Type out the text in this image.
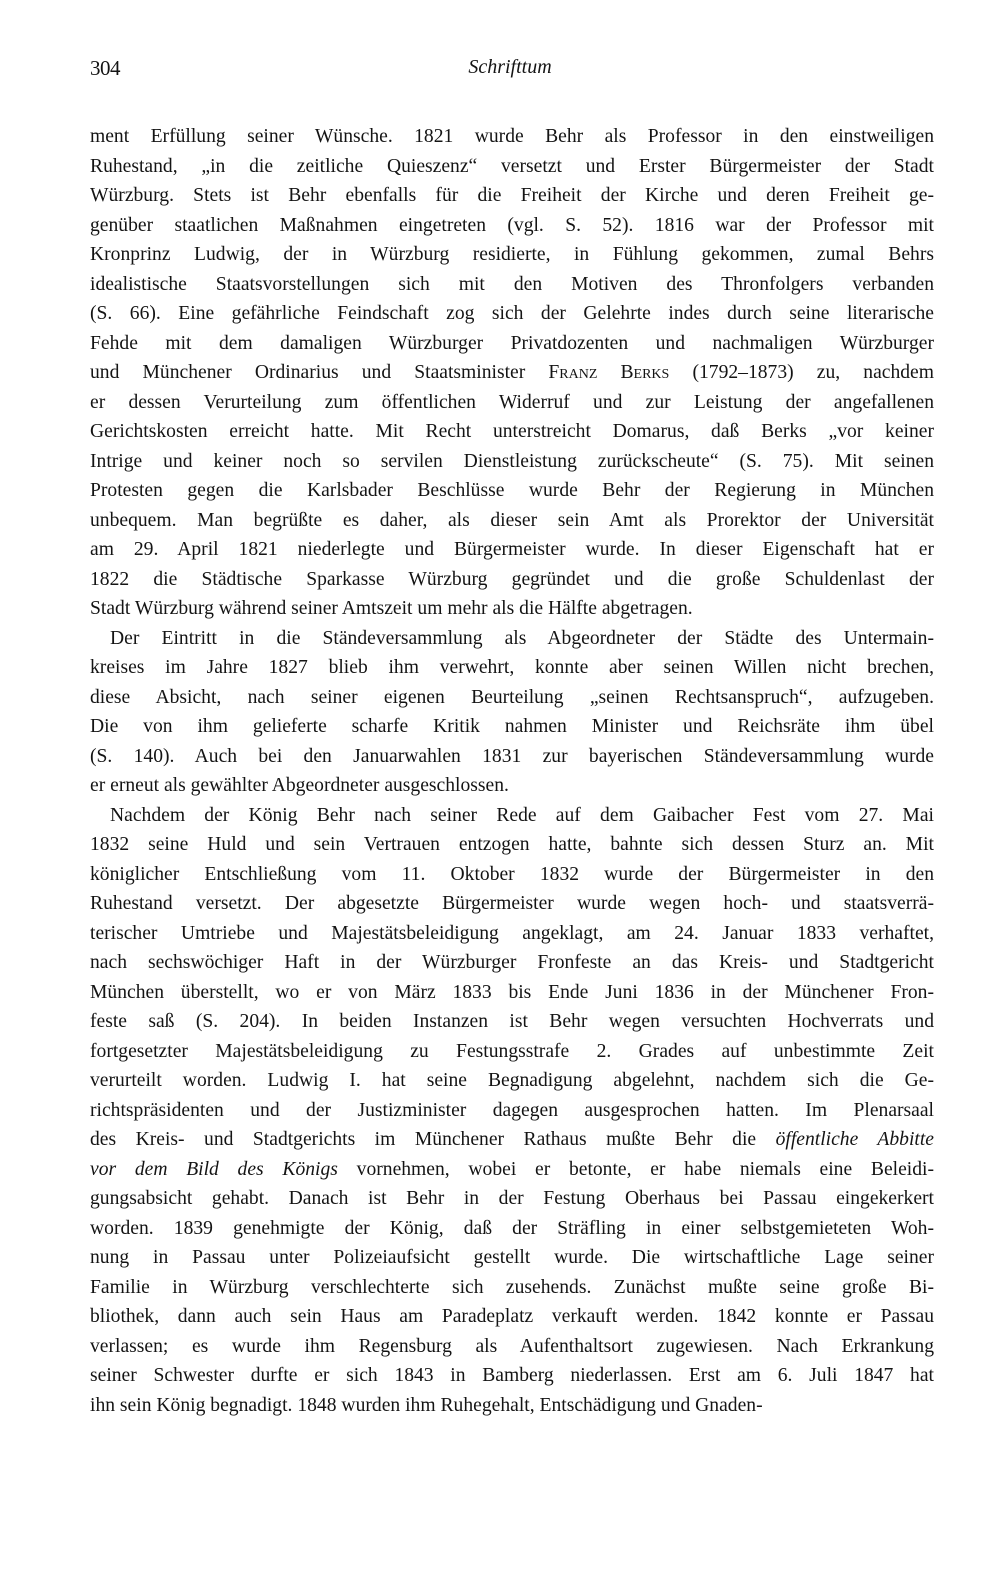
304	Schrifttum
ment Erfüllung seiner Wünsche. 1821 wurde Behr als Professor in den einstweiligen
Ruhestand, „in die zeitliche Quieszenz“ versetzt und Erster Bürgermeister der Stadt
Würzburg. Stets ist Behr ebenfalls für die Freiheit der Kirche und deren Freiheit ge-
genüber staatlichen Maßnahmen eingetreten (vgl. S. 52). 1816 war der Professor mit
Kronprinz Ludwig, der in Würzburg residierte, in Fühlung gekommen, zumal Behrs
idealistische Staatsvorstellungen sich mit den Motiven des Thronfolgers verbanden
(S. 66). Eine gefährliche Feindschaft zog sich der Gelehrte indes durch seine literarische
Fehde mit dem damaligen Würzburger Privatdozenten und nachmaligen Würzburger
und Münchener Ordinarius und Staatsminister Franz Berks (1792–1873) zu, nachdem
er dessen Verurteilung zum öffentlichen Widerruf und zur Leistung der angefallenen
Gerichtskosten erreicht hatte. Mit Recht unterstreicht Domarus, daß Berks „vor keiner
Intrige und keiner noch so servilen Dienstleistung zurückscheute“ (S. 75). Mit seinen
Protesten gegen die Karlsbader Beschlüsse wurde Behr der Regierung in München
unbequem. Man begrüßte es daher, als dieser sein Amt als Prorektor der Universität
am 29. April 1821 niederlegte und Bürgermeister wurde. In dieser Eigenschaft hat er
1822 die Städtische Sparkasse Würzburg gegründet und die große Schuldenlast der
Stadt Würzburg während seiner Amtszeit um mehr als die Hälfte abgetragen.
Der Eintritt in die Ständeversammlung als Abgeordneter der Städte des Untermain-
kreises im Jahre 1827 blieb ihm verwehrt, konnte aber seinen Willen nicht brechen,
diese Absicht, nach seiner eigenen Beurteilung „seinen Rechtsanspruch“, aufzugeben.
Die von ihm gelieferte scharfe Kritik nahmen Minister und Reichsräte ihm übel
(S. 140). Auch bei den Januarwahlen 1831 zur bayerischen Ständeversammlung wurde
er erneut als gewählter Abgeordneter ausgeschlossen.
Nachdem der König Behr nach seiner Rede auf dem Gaibacher Fest vom 27. Mai
1832 seine Huld und sein Vertrauen entzogen hatte, bahnte sich dessen Sturz an. Mit
königlicher Entschließung vom 11. Oktober 1832 wurde der Bürgermeister in den
Ruhestand versetzt. Der abgesetzte Bürgermeister wurde wegen hoch- und staatsverrä-
terischer Umtriebe und Majestätsbeleidigung angeklagt, am 24. Januar 1833 verhaftet,
nach sechswöchiger Haft in der Würzburger Fronfeste an das Kreis- und Stadtgericht
München überstellt, wo er von März 1833 bis Ende Juni 1836 in der Münchener Fron-
feste saß (S. 204). In beiden Instanzen ist Behr wegen versuchten Hochverrats und
fortgesetzter Majestätsbeleidigung zu Festungsstrafe 2. Grades auf unbestimmte Zeit
verurteilt worden. Ludwig I. hat seine Begnadigung abgelehnt, nachdem sich die Ge-
richtspräsidenten und der Justizminister dagegen ausgesprochen hatten. Im Plenarsaal
des Kreis- und Stadtgerichts im Münchener Rathaus mußte Behr die öffentliche Abbitte
vor dem Bild des Königs vornehmen, wobei er betonte, er habe niemals eine Beleidi-
gungsabsicht gehabt. Danach ist Behr in der Festung Oberhaus bei Passau eingekerkert
worden. 1839 genehmigte der König, daß der Sträfling in einer selbstgemieteten Woh-
nung in Passau unter Polizeiaufsicht gestellt wurde. Die wirtschaftliche Lage seiner
Familie in Würzburg verschlechterte sich zusehends. Zunächst mußte seine große Bi-
bliothek, dann auch sein Haus am Paradeplatz verkauft werden. 1842 konnte er Passau
verlassen; es wurde ihm Regensburg als Aufenthaltsort zugewiesen. Nach Erkrankung
seiner Schwester durfte er sich 1843 in Bamberg niederlassen. Erst am 6. Juli 1847 hat
ihn sein König begnadigt. 1848 wurden ihm Ruhegehalt, Entschädigung und Gnaden-
